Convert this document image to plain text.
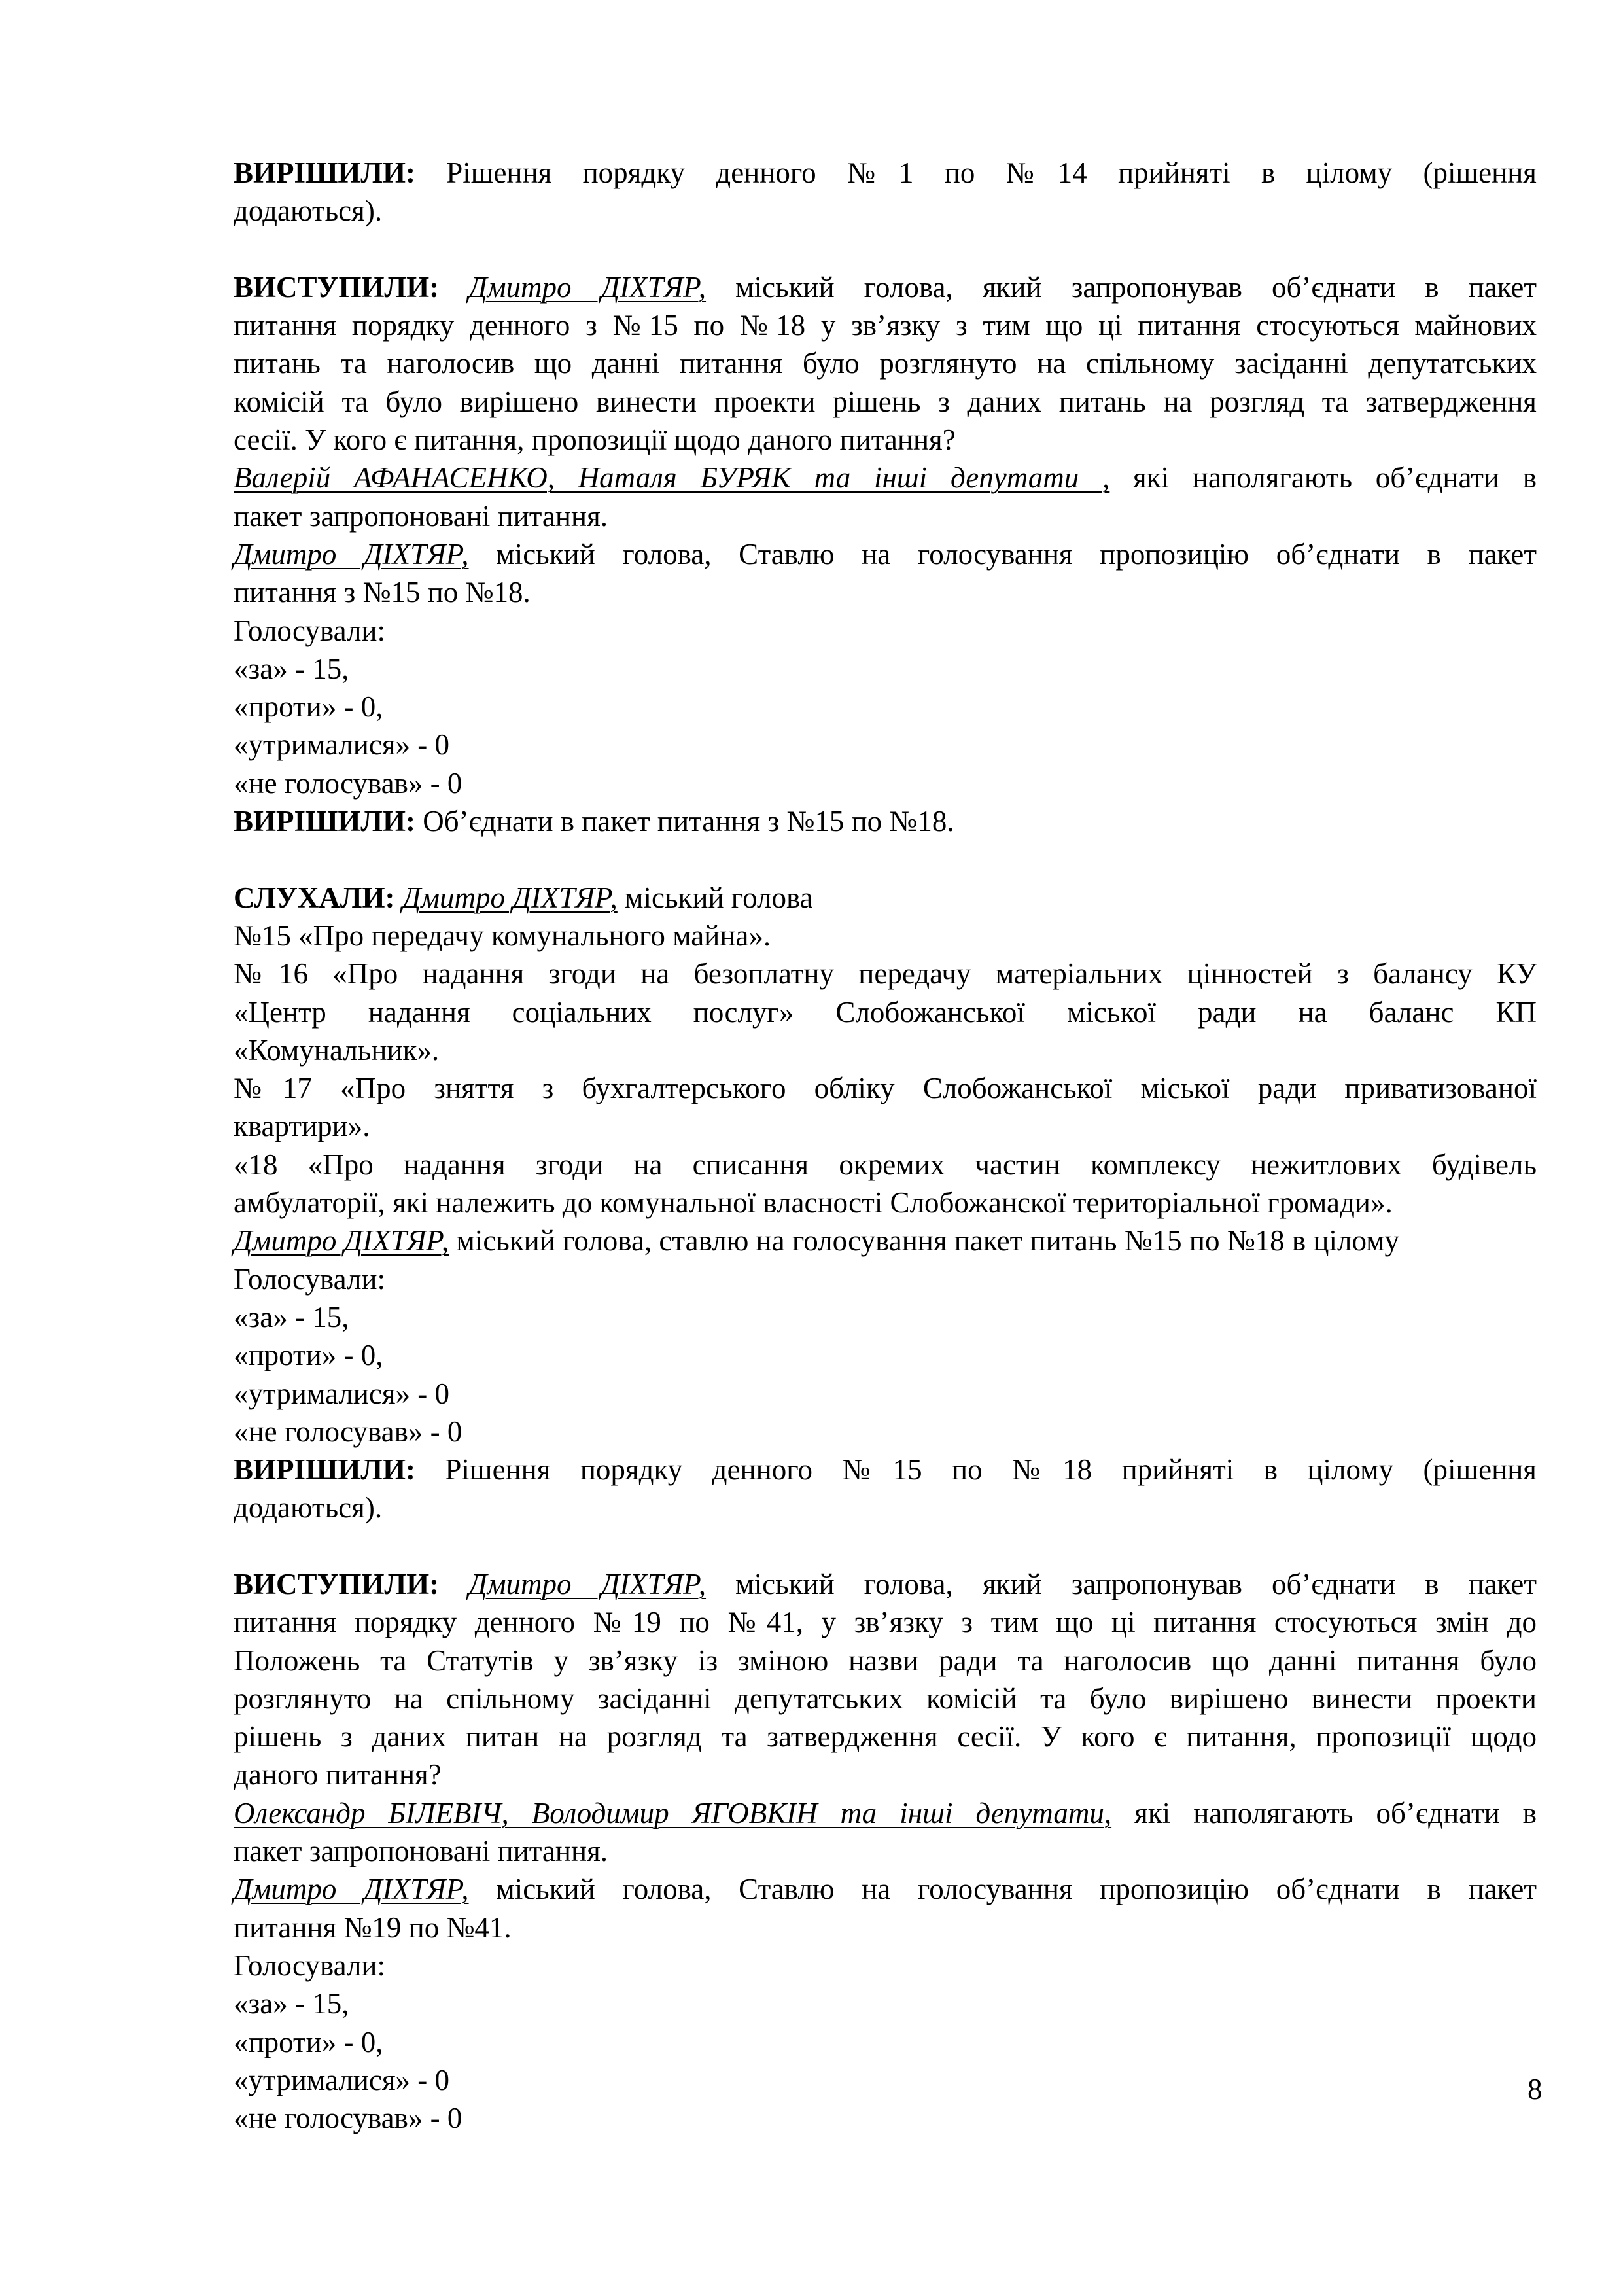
ВИРІШИЛИ: Рішення порядку денного №1 по №14 прийняті в цілому (рішення
додаються).
ВИСТУПИЛИ: Дмитро ДІХТЯР, міський голова, який запропонував об’єднати в пакет
питання порядку денного з №15 по №18 у зв’язку з тим що ці питання стосуються майнових
питань та наголосив що данні питання було розглянуто на спільному засіданні депутатських
комісій та було вирішено винести проекти рішень з даних питань на розгляд та затвердження
сесії. У кого є питання, пропозиції щодо даного питання?
Валерій АФАНАСЕНКО, Наталя БУРЯК та інші депутати , які наполягають об’єднати в
пакет запропоновані питання.
Дмитро ДІХТЯР, міський голова, Ставлю на голосування пропозицію об’єднати в пакет
питання з №15 по №18.
Голосували:
«за» - 15,
«проти» - 0,
«утрималися» - 0
«не голосував» - 0
ВИРІШИЛИ: Об’єднати в пакет питання з №15 по №18.
СЛУХАЛИ: Дмитро ДІХТЯР, міський голова
№15 «Про передачу комунального майна».
№16 «Про надання згоди на безоплатну передачу матеріальних цінностей з балансу КУ
«Центр надання соціальних послуг» Слобожанської міської ради на баланс КП
«Комунальник».
№17 «Про зняття з бухгалтерського обліку Слобожанської міської ради приватизованої
квартири».
«18 «Про надання згоди на списання окремих частин комплексу нежитлових будівель
амбулаторії, які належить до комунальної власності Слобожанскої територіальної громади».
Дмитро ДІХТЯР, міський голова, ставлю на голосування пакет питань №15 по №18 в цілому
Голосували:
«за» - 15,
«проти» - 0,
«утрималися» - 0
«не голосував» - 0
ВИРІШИЛИ: Рішення порядку денного №15 по №18 прийняті в цілому (рішення
додаються).
ВИСТУПИЛИ: Дмитро ДІХТЯР, міський голова, який запропонував об’єднати в пакет
питання порядку денного №19 по №41, у зв’язку з тим що ці питання стосуються змін до
Положень та Статутів у зв’язку із зміною назви ради та наголосив що данні питання було
розглянуто на спільному засіданні депутатських комісій та було вирішено винести проекти
рішень з даних питан на розгляд та затвердження сесії. У кого є питання, пропозиції щодо
даного питання?
Олександр БІЛЕВІЧ, Володимир ЯГОВКІН та інші депутати, які наполягають об’єднати в
пакет запропоновані питання.
Дмитро ДІХТЯР, міський голова, Ставлю на голосування пропозицію об’єднати в пакет
питання №19 по №41.
Голосували:
«за» - 15,
«проти» - 0,
«утрималися» - 0
«не голосував» - 0
8
